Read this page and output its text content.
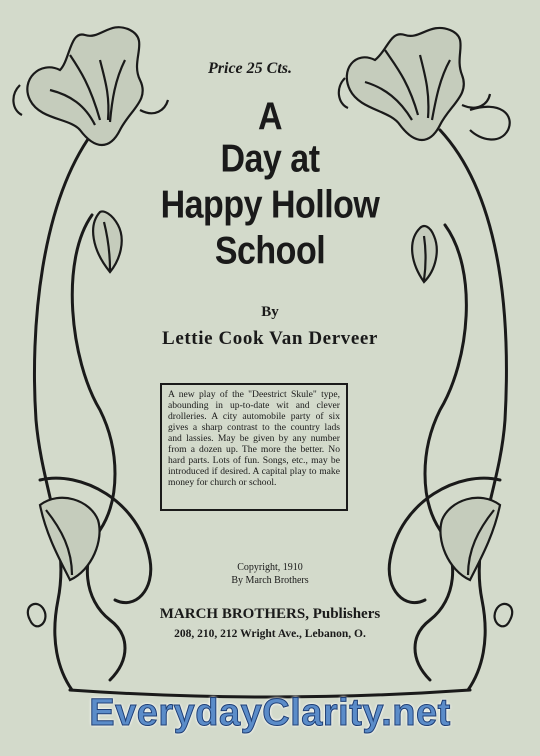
Price 25 Cts.
A
Day at
Happy Hollow
School
By
Lettie Cook Van Derveer
A new play of the "Deestrict Skule" type, abounding in up-to-date wit and clever drolleries. A city automobile party of six gives a sharp contrast to the country lads and lassies. May be given by any number from a dozen up. The more the better. No hard parts. Lots of fun. Songs, etc., may be introduced if desired. A capital play to make money for church or school.
Copyright, 1910
By March Brothers
MARCH BROTHERS, Publishers
208, 210, 212 Wright Ave., Lebanon, O.
EverydayClarity.net
